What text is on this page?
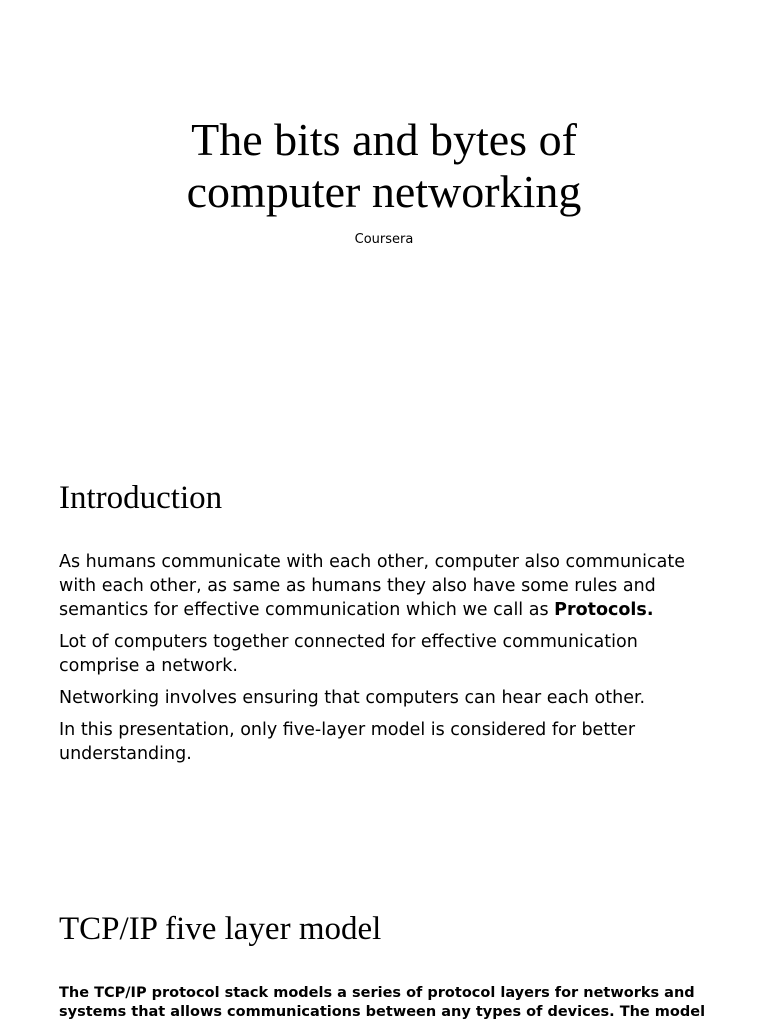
The bits and bytes of
computer networking
Coursera
Introduction
As humans communicate with each other, computer also communicate with each other, as same as humans they also have some rules and semantics for effective communication which we call as Protocols.
Lot of computers together connected for effective communication comprise a network.
Networking involves ensuring that computers can hear each other.
In this presentation, only five-layer model is considered for better understanding.
TCP/IP five layer model

The TCP/IP protocol stack models a series of protocol layers for networks and systems that allows communications between any types of devices. The model
